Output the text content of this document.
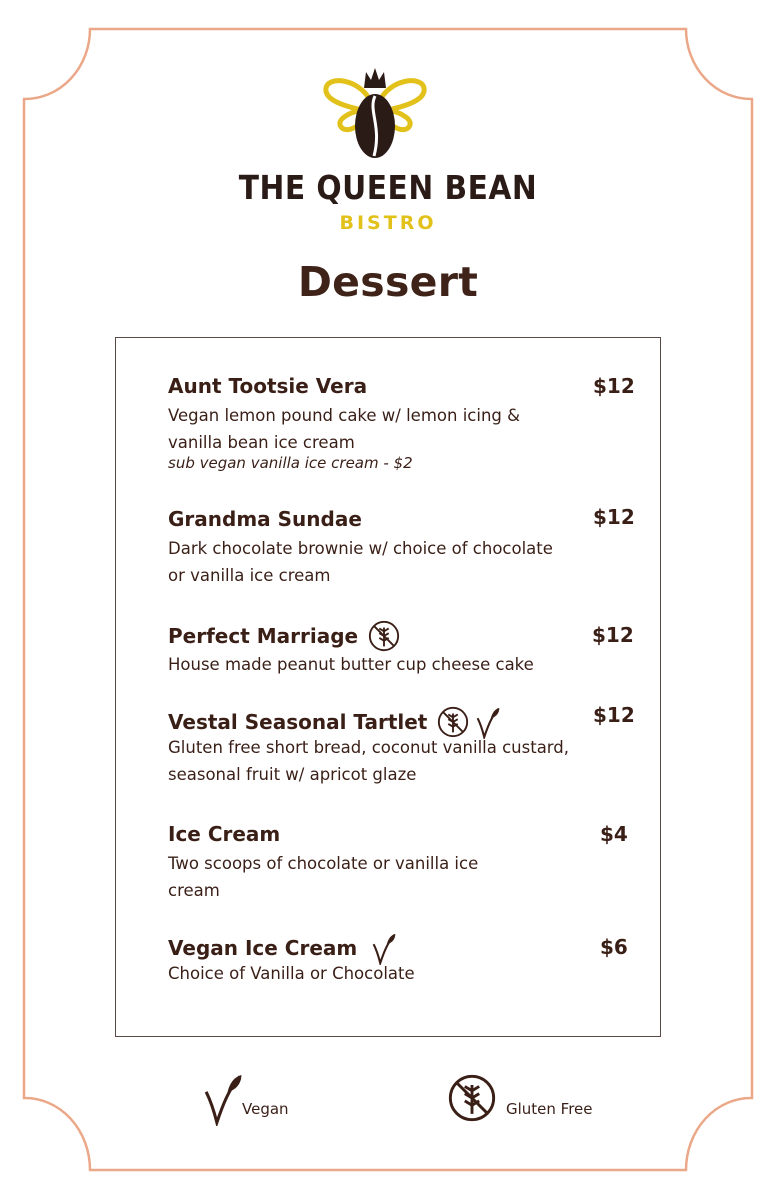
THE QUEEN BEAN
BISTRO
Dessert
Aunt Tootsie Vera	$12
Vegan lemon pound cake w/ lemon icing &
vanilla bean ice cream
sub vegan vanilla ice cream - $2
Grandma Sundae	$12
Dark chocolate brownie w/ choice of chocolate
or vanilla ice cream
Perfect Marriage	$12
House made peanut butter cup cheese cake
Vestal Seasonal Tartlet	$12
Gluten free short bread, coconut vanilla custard,
seasonal fruit w/ apricot glaze
Ice Cream	$4
Two scoops of chocolate or vanilla ice
cream
Vegan Ice Cream	$6
Choice of Vanilla or Chocolate
Vegan	Gluten Free
